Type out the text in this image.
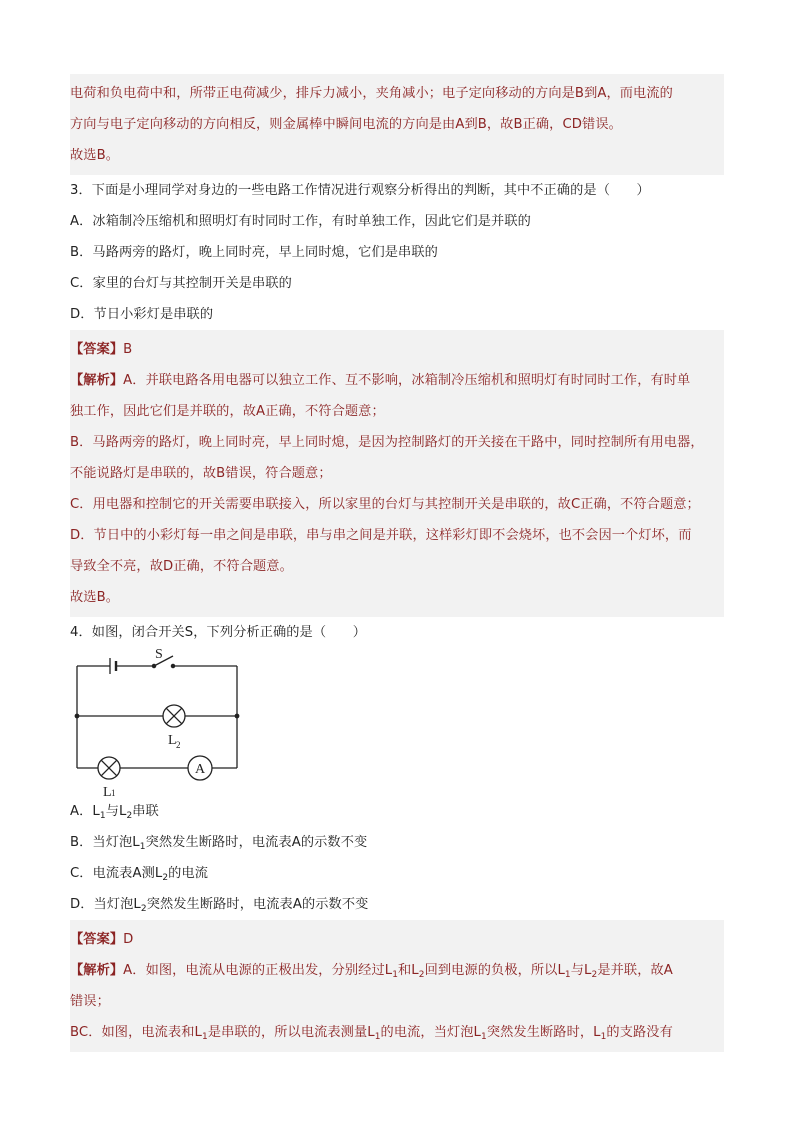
电荷和负电荷中和，所带正电荷减少，排斥力减小，夹角减小；电子定向移动的方向是B到A，而电流的
方向与电子定向移动的方向相反，则金属棒中瞬间电流的方向是由A到B，故B正确，CD错误。
故选B。
3．下面是小理同学对身边的一些电路工作情况进行观察分析得出的判断，其中不正确的是（　　）
A．冰箱制冷压缩机和照明灯有时同时工作，有时单独工作，因此它们是并联的
B．马路两旁的路灯，晚上同时亮，早上同时熄，它们是串联的
C．家里的台灯与其控制开关是串联的
D．节日小彩灯是串联的
【答案】B
【解析】A．并联电路各用电器可以独立工作、互不影响，冰箱制冷压缩机和照明灯有时同时工作，有时单
独工作，因此它们是并联的，故A正确，不符合题意；
B．马路两旁的路灯，晚上同时亮，早上同时熄，是因为控制路灯的开关接在干路中，同时控制所有用电器，
不能说路灯是串联的，故B错误，符合题意；
C．用电器和控制它的开关需要串联接入，所以家里的台灯与其控制开关是串联的，故C正确，不符合题意；
D．节日中的小彩灯每一串之间是串联，串与串之间是并联，这样彩灯即不会烧坏，也不会因一个灯坏，而
导致全不亮，故D正确，不符合题意。
故选B。
4．如图，闭合开关S，下列分析正确的是（　　）
S
L 2
L 1
A
A．$L_1$与$L_2$串联
B．当灯泡$L_1$突然发生断路时，电流表A的示数不变
C．电流表A测$L_2$的电流
D．当灯泡$L_2$突然发生断路时，电流表A的示数不变
【答案】D
【解析】A．如图，电流从电源的正极出发，分别经过$L_1$和$L_2$回到电源的负极，所以$L_1$与$L_2$是并联，故A
错误；
BC．如图，电流表和$L_1$是串联的，所以电流表测量$L_1$的电流，当灯泡$L_1$突然发生断路时，$L_1$的支路没有
